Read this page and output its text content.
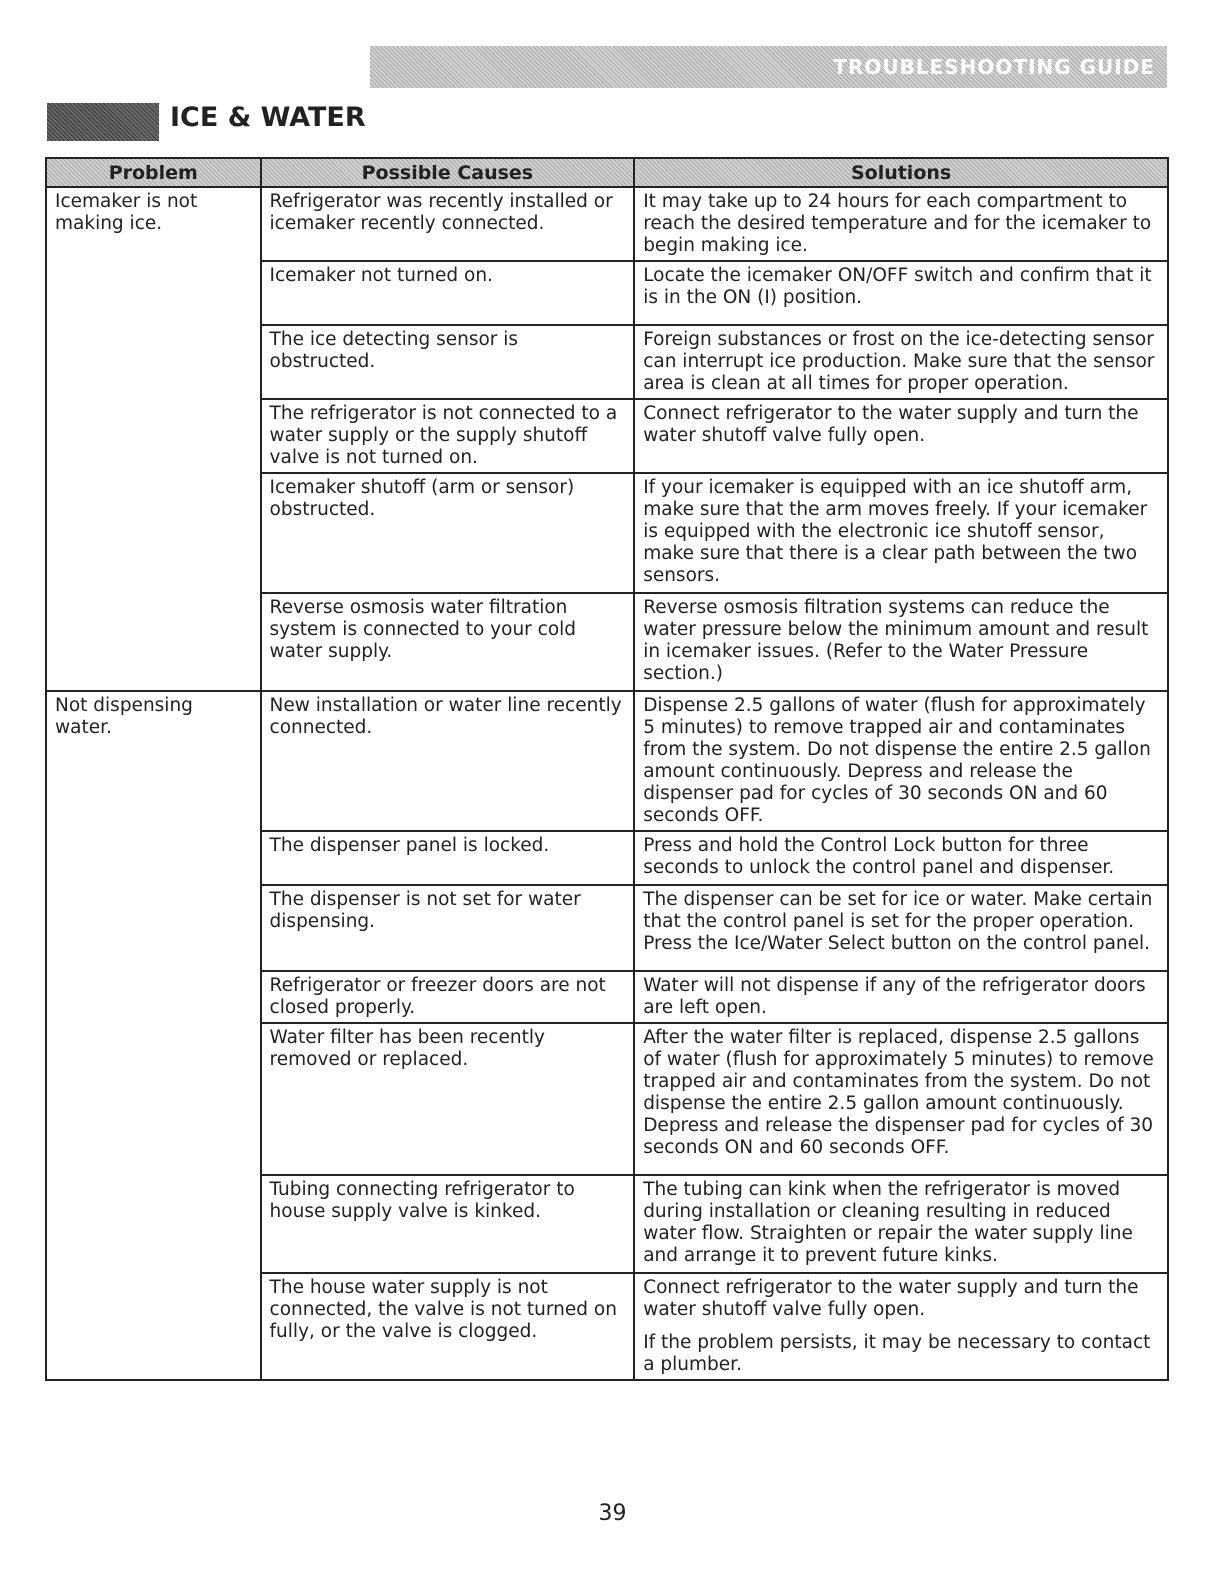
TROUBLESHOOTING GUIDE
ICE & WATER
Problem	Possible Causes	Solutions
Icemaker is not making ice.	Refrigerator was recently installed or icemaker recently connected.	It may take up to 24 hours for each compartment to reach the desired temperature and for the icemaker to begin making ice.

	Icemaker not turned on.	Locate the icemaker ON/OFF switch and confirm that it is in the ON (I) position.

	The ice detecting sensor is obstructed.	Foreign substances or frost on the ice-detecting sensor can interrupt ice production. Make sure that the sensor area is clean at all times for proper operation.

	The refrigerator is not connected to a water supply or the supply shutoff valve is not turned on.	Connect refrigerator to the water supply and turn the water shutoff valve fully open.

	Icemaker shutoff (arm or sensor) obstructed.	If your icemaker is equipped with an ice shutoff arm, make sure that the arm moves freely. If your icemaker is equipped with the electronic ice shutoff sensor, make sure that there is a clear path between the two sensors.

	Reverse osmosis water filtration system is connected to your cold water supply.	Reverse osmosis filtration systems can reduce the water pressure below the minimum amount and result in icemaker issues. (Refer to the Water Pressure section.)

Not dispensing water.	New installation or water line recently connected.	Dispense 2.5 gallons of water (flush for approximately 5 minutes) to remove trapped air and contaminates from the system. Do not dispense the entire 2.5 gallon amount continuously. Depress and release the dispenser pad for cycles of 30 seconds ON and 60 seconds OFF.

	The dispenser panel is locked.	Press and hold the Control Lock button for three seconds to unlock the control panel and dispenser.

	The dispenser is not set for water dispensing.	The dispenser can be set for ice or water. Make certain that the control panel is set for the proper operation. Press the Ice/Water Select button on the control panel.

	Refrigerator or freezer doors are not closed properly.	Water will not dispense if any of the refrigerator doors are left open.

	Water filter has been recently removed or replaced.	After the water filter is replaced, dispense 2.5 gallons of water (flush for approximately 5 minutes) to remove trapped air and contaminates from the system. Do not dispense the entire 2.5 gallon amount continuously. Depress and release the dispenser pad for cycles of 30 seconds ON and 60 seconds OFF.

	Tubing connecting refrigerator to house supply valve is kinked.	The tubing can kink when the refrigerator is moved during installation or cleaning resulting in reduced water flow. Straighten or repair the water supply line and arrange it to prevent future kinks.

	The house water supply is not connected, the valve is not turned on fully, or the valve is clogged.	Connect refrigerator to the water supply and turn the water shutoff valve fully open.

If the problem persists, it may be necessary to contact a plumber.

39
